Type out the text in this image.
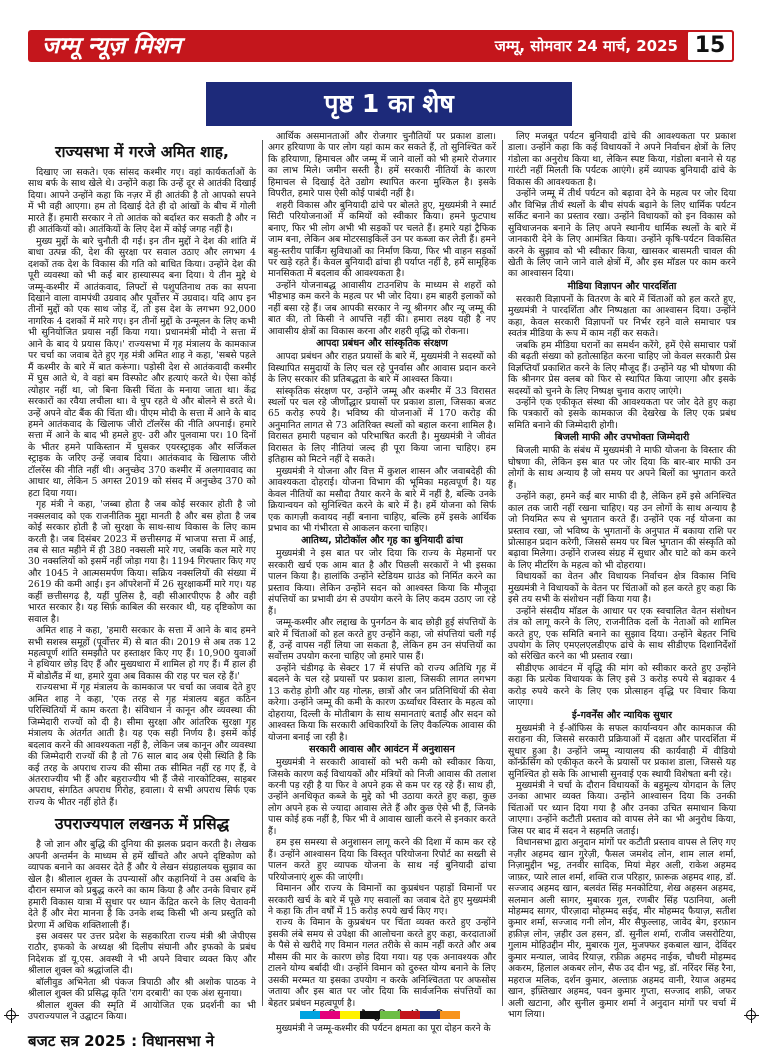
जम्मू न्यूज़ मिशन	जम्मू, सोमवार 24 मार्च, 2025 15
पृष्ठ 1 का शेष
राज्यसभा में गरजे अमित शाह,

दिखाए जा सकते। एक सांसद कश्मीर गए। वहां कार्यकर्ताओं के साथ बर्फ के साथ खेले थे। उन्होंने कहा कि उन्हें दूर से आतंकी दिखाई दिया। आपने उन्होंने कहा कि नज़र में ही आतंकी है तो आपको सपने में भी वही आएगा। हम तो दिखाई देते ही दो आंखों के बीच में गोली मारते हैं। हमारी सरकार ने तो आतंक को बर्दाश्त कर सकती है और न ही आतंकियों को। आतंकियों के लिए देश में कोई जगह नहीं है।

मुख्य मुद्दों के बारे चुनौती दी गई। इन तीन मुद्दों ने देश की शांति में बाधा उत्पन्न की, देश की सुरक्षा पर सवाल उठाए और लगभग 4 दशकों तक देश के विकास की गति को बाधित किया। उन्होंने देश की पूरी व्यवस्था को भी कई बार हास्यास्पद बना दिया। ये तीन मुद्दे थे जम्मू-कश्मीर में आतंकवाद, लिफ्टों से पशुपतिनाथ तक का सपना दिखाने वाला वामपंथी उग्रवाद और पूर्वोत्तर में उग्रवाद। यदि आप इन तीनों मुद्दों को एक साथ जोड़ दें, तो इस देश के लगभग 92,000 नागरिक 4 दशकों में मारे गए। इन तीनों मुद्दों के उन्मूलन के लिए कभी भी सुनियोजित प्रयास नहीं किया गया। प्रधानमंत्री मोदी ने सत्ता में आने के बाद ये प्रयास किए।' राज्यसभा में गृह मंत्रालय के कामकाज पर चर्चा का जवाब देते हुए गृह मंत्री अमित शाह ने कहा, 'सबसे पहले मैं कश्मीर के बारे में बात करूंगा। पड़ोसी देश से आतंकवादी कश्मीर में घुस आते थे, वे वहां बम विस्फोट और हत्याएं करते थे। ऐसा कोई त्योहार नहीं था, जो बिना किसी चिंता के मनाया जाता था। केंद्र सरकारों का रवैया लचीला था। वे चुप रहते थे और बोलने से डरते थे। उन्हें अपने वोट बैंक की चिंता थी। पीएम मोदी के सत्ता में आने के बाद हमने आतंकवाद के खिलाफ जीरो टॉलरेंस की नीति अपनाई। हमारे सत्ता में आने के बाद भी हमले हुए- उरी और पुलवामा पर। 10 दिनों के भीतर हमने पाकिस्तान में घुसकर एयरस्ट्राइक और सर्जिकल स्ट्राइक के जरिए उन्हें जवाब दिया। आतंकवाद के खिलाफ जीरो टॉलरेंस की नीति नहीं थी। अनुच्छेद 370 कश्मीर में अलगाववाद का आधार था, लेकिन 5 अगस्त 2019 को संसद में अनुच्छेद 370 को हटा दिया गया।

गृह मंत्री ने कहा, 'जब्बा होता है जब कोई सरकार होती है जो नक्सलवाद को एक राजनीतिक मुद्दा मानती है और बस होता है जब कोई सरकार होती है जो सुरक्षा के साथ-साथ विकास के लिए काम करती है। जब दिसंबर 2023 में छत्तीसगढ़ में भाजपा सत्ता में आई, तब से सात महीने में ही 380 नक्सली मारे गए, जबकि कल मारे गए 30 नक्सलियों को इसमें नहीं जोड़ा गया है। 1194 गिरफ्तार किए गए और 1045 ने आत्मसमर्पण किया। सक्रिय नक्सलियों की संख्या में 2619 की कमी आई। इन ऑपरेशनों में 26 सुरक्षाकर्मी मारे गए। यह कहीं छत्तीसगढ़ है, यहीं पुलिस है, वही सीआरपीएफ है और वही भारत सरकार है। यह सिर्फ़ काबिल की सरकार थी, यह दृष्टिकोण का सवाल है।

अमित शाह ने कहा, 'हमारी सरकार के सत्ता में आने के बाद हमने सभी सशस्त्र समूहों (पूर्वोत्तर में) से बात की। 2019 से अब तक 12 महत्वपूर्ण शांति समझौते पर हस्ताक्षर किए गए हैं। 10,900 युवाओं ने हथियार छोड़ दिए हैं और मुख्यधारा में शामिल हो गए हैं। मैं हाल ही में बोडोलैंड में था, हमारे युवा अब विकास की राह पर चल रहे हैं।'

राज्यसभा में गृह मंत्रालय के कामकाज पर चर्चा का जवाब देते हुए अमित शाह ने कहा, 'एक तरह से गृह मंत्रालय बहुत कठिन परिस्थितियों में काम करता है। संविधान ने कानून और व्यवस्था की जिम्मेदारी राज्यों को दी है। सीमा सुरक्षा और आंतरिक सुरक्षा गृह मंत्रालय के अंतर्गत आती है। यह एक सही निर्णय है। इसमें कोई बदलाव करने की आवश्यकता नहीं है, लेकिन जब कानून और व्यवस्था की जिम्मेदारी राज्यों की है तो 76 साल बाद अब ऐसी स्थिति है कि कई तरह के अपराध राज्य की सीमा तक सीमित नहीं रह गए हैं, वे अंतरराज्यीय भी हैं और बहुराज्यीय भी हैं जैसे नारकोटिक्स, साइबर अपराध, संगठित अपराध गिरोह, हवाला। ये सभी अपराध सिर्फ एक राज्य के भीतर नहीं होते हैं।

उपराज्यपाल लखनऊ में प्रसिद्ध

है जो ज्ञान और बुद्धि की दुनिया की झलक प्रदान करती है। लेखक अपनी अन्तर्मन के माध्यम से हमें खींचते और अपने दृष्टिकोण को व्यापक बनाने का अवसर देते हैं और ये लेखन संग्रहालयक सुझाव का खेल है। श्रीलाल शुक्ल के उपन्यासों और कहानियों ने उस अबधि के दौरान समाज को प्रबुद्ध करने का काम किया है और उनके विचार हमें हमारी विकास यात्रा में सुधार पर ध्यान केंद्रित करने के लिए चेतावनी देते हैं और मेरा मानना है कि उनके शब्द किसी भी अन्य प्रस्तुति को प्रेरणा में अधिक शक्तिशाली हैं।

इस अवसर पर उत्तर प्रदेश के सहकारिता राज्य मंत्री श्री जेपीएस राठौर, इफको के अध्यक्ष श्री दिलीप संघानी और इफको के प्रबंध निदेशक डॉ यू.एस. अवस्थी ने भी अपने विचार व्यक्त किए और श्रीलाल शुक्ल को श्रद्धांजलि दी।

बॉलीवुड अभिनेता श्री पंकज त्रिपाठी और श्री अशोक पाठक ने श्रीलाल शुक्ल की प्रसिद्ध कृति 'राग दरबारी' का एक अंश सुनाया।

श्रीलाल शुक्ल की स्मृति में आयोजित एक प्रदर्शनी का भी उपराज्यपाल ने उद्घाटन किया।

बजट सत्र 2025 : विधानसभा ने

आर्थिक असमानताओं और रोजगार चुनौतियों पर प्रकाश डाला। अगर हरियाणा के पार लोग यहां काम कर सकते हैं, तो सुनिश्चित करें कि हरियाणा, हिमाचल और जम्मू में जाने वालों को भी हमारे रोजगार का लाभ मिले। जमीन सस्ती है। हमें सरकारी नीतियों के कारण हिमाचल से दिखाई देते उद्योग स्थापित करना मुश्किल है। इसके विपरीत, हमारे पास ऐसी कोई पाबंदी नहीं है।

शहरी विकास और बुनियादी ढांचे पर बोलते हुए, मुख्यमंत्री ने स्मार्ट सिटी परियोजनाओं में कमियों को स्वीकार किया। हमने फुटपाथ बनाए, फिर भी लोग अभी भी सड़कों पर चलते हैं। हमारे यहां ट्रैफिक जाम बना, लेकिन अब मोटरसाइकिलें उन पर कब्जा कर लेती हैं। हमने बहु-स्तरीय पार्किंग सुविधाओं का निर्माण किया, फिर भी वाहन सड़कों पर खड़े रहते हैं। केवल बुनियादी ढांचा ही पर्याप्त नहीं है, हमें सामूहिक मानसिकता में बदलाव की आवश्यकता है।

उन्होंने योजनाबद्ध आवासीय टाउनशिप के माध्यम से शहरों को भीड़भाड़ कम करने के महत्व पर भी जोर दिया। हम बाहरी इलाकों को नहीं बसा रहे हैं। जब आपकी सरकार ने न्यू श्रीनगर और न्यू जम्मू की बात की, तो किसी ने आपत्ति नहीं की। हमारा लक्ष्य यही है नए आवासीय क्षेत्रों का विकास करना और शहरी वृद्धि को रोकना।

आपदा प्रबंधन और सांस्कृतिक संरक्षण

आपदा प्रबंधन और राहत प्रयासों के बारे में, मुख्यमंत्री ने सदस्यों को विस्थापित समुदायों के लिए चल रहे पुनर्वास और आवास प्रदान करने के लिए सरकार की प्रतिबद्धता के बारे में आश्वस्त किया।

सांस्कृतिक संरक्षण पर, उन्होंने जम्मू और कश्मीर में 33 विरासत स्थलों पर चल रहे जीर्णोद्धार प्रयासों पर प्रकाश डाला, जिसका बजट 65 करोड़ रुपये है। भविष्य की योजनाओं में 170 करोड़ की अनुमानित लागत से 73 अतिरिक्त स्थलों को बहाल करना शामिल है। विरासत हमारी पहचान को परिभाषित करती है। मुख्यमंत्री ने जीवंत विरासत के लिए नीतियां जल्द ही पूरा किया जाना चाहिए। हम इतिहास को मिटने नहीं दे सकते।

मुख्यमंत्री ने योजना और वित्त में कुशल शासन और जवाबदेही की आवश्यकता दोहराई। योजना विभाग की भूमिका महत्वपूर्ण है। यह केवल नीतियों का मसौदा तैयार करने के बारे में नहीं है, बल्कि उनके क्रियान्वयन को सुनिश्चित करने के बारे में है। हमें योजना को सिर्फ एक कागज़ी कवायद नहीं बनाना चाहिए, बल्कि हमें इसके आर्थिक प्रभाव का भी गंभीरता से आकलन करना चाहिए।

आतिथ्य, प्रोटोकॉल और गृह का बुनियादी ढांचा

मुख्यमंत्री ने इस बात पर जोर दिया कि राज्य के मेहमानों पर सरकारी खर्च एक आम बात है और पिछली सरकारों ने भी इसका पालन किया है। हालांकि उन्होंने स्टेडियम ग्राउंड को निर्मित करने का प्रस्ताव किया। लेकिन उन्होंने सदन को आश्वस्त किया कि मौजूदा संपत्तियों का प्रभावी ढंग से उपयोग करने के लिए कदम उठाए जा रहे हैं।

जम्मू-कश्मीर और लद्दाख के पुनर्गठन के बाद छोड़ी हुई संपत्तियों के बारे में चिंताओं को हल करते हुए उन्होंने कहा, जो संपत्तियां चली गई हैं, उन्हें वापस नहीं लिया जा सकता है, लेकिन हम उन संपत्तियों का सर्वोत्तम उपयोग करना चाहिए जो हमारे पास हैं।

उन्होंने चंडीगढ़ के सेक्टर 17 में संपत्ति को राज्य अतिथि गृह में बदलने के चल रहे प्रयासों पर प्रकाश डाला, जिसकी लागत लगभग 13 करोड़ होगी और यह गोल्फ़, छात्रों और जन प्रतिनिधियों की सेवा करेगा। उन्होंने जम्मू की कमी के कारण ऊर्ध्वाधर विस्तार के महत्व को दोहराया, दिल्ली के मोतीबाग के साथ समानताएं बताईं और सदन को आश्वस्त किया कि सरकारी अधिकारियों के लिए वैकल्पिक आवास की योजना बनाई जा रही है।

सरकारी आवास और आवंटन में अनुशासन

मुख्यमंत्री ने सरकारी आवासों को भरी कमी को स्वीकार किया, जिसके कारण कई विधायकों और मंत्रियों को निजी आवास की तलाश करनी पड़ रही है या फिर वे अपने हक से कम पर रह रहे हैं। साथ ही, उन्होंने अनधिकृत कब्जे के मुद्दे को भी उठाया करते हुए कहा, कुछ लोग अपने हक से ज्यादा आवास लेते हैं और कुछ ऐसे भी हैं, जिनके पास कोई हक नहीं है, फिर भी वे आवास खाली करने से इनकार करते हैं।

हम इस समस्या से अनुशासन लागू करने की दिशा में काम कर रहे हैं। उन्होंने आश्वासन दिया कि विस्तृत परियोजना रिपोर्ट का सख्ती से पालन करते हुए व्यापक योजना के साथ नई बुनियादी ढांचा परियोजनाएं शुरू की जाएंगी।

विमानन और राज्य के विमानों का कुप्रबंधन पहाड़ों विमानों पर सरकारी खर्च के बारे में पूछे गए सवालों का जवाब देते हुए मुख्यमंत्री ने कहा कि तीन वर्षों में 15 करोड़ रुपये खर्च किए गए।

राज्य के विमान के कुप्रबंधन पर चिंता व्यक्त करते हुए उन्होंने इसकी लंबे समय से उपेक्षा की आलोचना करते हुए कहा, करदाताओं के पैसे से खरीदे गए विमान गलत तरीके से काम नहीं करते और अब मौसम की मार के कारण छोड़ दिया गया। यह एक अनावश्यक और टालने योग्य बर्बादी थी। उन्होंने विमान को दुरुस्त योग्य बनाने के लिए उसकी मरम्मत या इसका उपयोग न करके अनिश्चितता पर अफसोस जताया और इस बात पर जोर दिया कि सार्वजनिक संपत्तियों का बेहतर प्रबंधन महत्वपूर्ण है।

मुख्यमंत्री ने जम्मू-कश्मीर की पर्यटन क्षमता का पूरा दोहन करने के

लिए मजबूत पर्यटन बुनियादी ढांचे की आवश्यकता पर प्रकाश डाला। उन्होंने कहा कि कई विधायकों ने अपने निर्वाचन क्षेत्रों के लिए गंडोला का अनुरोध किया था, लेकिन स्पष्ट किया, गंडोला बनाने से यह गारंटी नहीं मिलती कि पर्यटक आएंगे। हमें व्यापक बुनियादी ढांचे के विकास की आवश्यकता है।

उन्होंने जम्मू में तीर्थ पर्यटन को बढ़ावा देने के महत्व पर जोर दिया और विभिन्न तीर्थ स्थलों के बीच संपर्क बढ़ाने के लिए धार्मिक पर्यटन सर्किट बनाने का प्रस्ताव रखा। उन्होंने विधायकों को इन विकास को सुविधाजनक बनाने के लिए अपने स्थानीय धार्मिक स्थलों के बारे में जानकारी देने के लिए आमंत्रित किया। उन्होंने कृषि-पर्यटन विकसित करने के सुझाव को भी स्वीकार किया, खासकर बासमती चावल की खेती के लिए जाने जाने वाले क्षेत्रों में, और इस मॉडल पर काम करने का आश्वासन दिया।

मीडिया विज्ञापन और पारदर्शिता

सरकारी विज्ञापनों के वितरण के बारे में चिंताओं को हल करते हुए, मुख्यमंत्री ने पारदर्शिता और निष्पक्षता का आश्वासन दिया। उन्होंने कहा, केवल सरकारी विज्ञापनों पर निर्भर रहने वाले समाचार पत्र स्वतंत्र मीडिया के रूप में काम नहीं कर सकते।

जबकि हम मीडिया घरानों का समर्थन करेंगे, हमें ऐसे समाचार पत्रों की बढ़ती संख्या को हतोत्साहित करना चाहिए जो केवल सरकारी प्रेस विज्ञप्तियाँ प्रकाशित करने के लिए मौजूद हैं। उन्होंने यह भी घोषणा की कि श्रीनगर प्रेस क्लब को फिर से स्थापित किया जाएगा और इसके सदस्यों को चुनने के लिए निष्पक्ष चुनाव कराए जाएंगे।

उन्होंने एक एकीकृत संस्था की आवश्यकता पर जोर देते हुए कहा कि पत्रकारों को इसके कामकाज की देखरेख के लिए एक प्रबंध समिति बनाने की जिम्मेदारी होगी।

बिजली माफी और उपभोक्ता जिम्मेदारी

बिजली माफी के संबंध में मुख्यमंत्री ने माफी योजना के विस्तार की घोषणा की, लेकिन इस बात पर जोर दिया कि बार-बार माफी उन लोगों के साथ अन्याय है जो समय पर अपने बिलों का भुगतान करते हैं।

उन्होंने कहा, हमने कई बार माफी दी है, लेकिन हमें इसे अनिश्चित काल तक जारी नहीं रखना चाहिए। यह उन लोगों के साथ अन्याय है जो नियमित रूप से भुगतान करते हैं। उन्होंने एक नई योजना का प्रस्ताव रखा, जो भविष्य के भुगतानों के अनुपात में बकाया राशि पर प्रोत्साहन प्रदान करेगी, जिससे समय पर बिल भुगतान की संस्कृति को बढ़ावा मिलेगा। उन्होंने राजस्व संग्रह में सुधार और घाटे को कम करने के लिए मीटरिंग के महत्व को भी दोहराया।

विधायकों का वेतन और विधायक निर्वाचन क्षेत्र विकास निधि मुख्यमंत्री ने विधायकों के वेतन पर चिंताओं को हल करते हुए कहा कि इसे तय सभी के संशोधन नहीं किया गया है।

उन्होंने संसदीय मॉडल के आधार पर एक स्वचालित वेतन संशोधन तंत्र को लागू करने के लिए, राजनीतिक दलों के नेताओं को शामिल करते हुए, एक समिति बनाने का सुझाव दिया। उन्होंने बेहतर निधि उपयोग के लिए एमएलएलडीएफ ढांचे के साथ सीडीएफ दिशानिर्देशों को संरेखित करने का भी प्रस्ताव रखा।

सीडीएफ आवंटन में वृद्धि की मांग को स्वीकार करते हुए उन्होंने कहा कि प्रत्येक विधायक के लिए इसे 3 करोड़ रुपये से बढ़ाकर 4 करोड़ रुपये करने के लिए एक प्रोत्साहन वृद्धि पर विचार किया जाएगा।

ई-गवर्नेंस और न्यायिक सुधार

मुख्यमंत्री ने ई-ऑफिस के सफल कार्यान्वयन और कामकाज की सराहना की, जिससे सरकारी प्रक्रियाओं में दक्षता और पारदर्शिता में सुधार हुआ है। उन्होंने जम्मू न्यायालय की कार्यवाही में वीडियो कॉन्फ्रेंसिंग को एकीकृत करने के प्रयासों पर प्रकाश डाला, जिससे यह सुनिश्चित हो सके कि आभासी सुनवाई एक स्थायी विशेषता बनी रहे।

मुख्यमंत्री ने चर्चा के दौरान विधायकों के बहुमूल्य योगदान के लिए उनका आभार व्यक्त किया। उन्होंने आश्वासन दिया कि उनकी चिंताओं पर ध्यान दिया गया है और उनका उचित समाधान किया जाएगा। उन्होंने कटौती प्रस्ताव को वापस लेने का भी अनुरोध किया, जिस पर बाद में सदन ने सहमति जताई।

विधानसभा द्वारा अनुदान मांगों पर कटौती प्रस्ताव वापस ले लिए गए नज़ीर अहमद खान गुरेज़ी, फैसल जमशेद लोन, शाम लाल शर्मा, निज़ामुद्दीन भट्ट, तनवीर सादिक, मियां मेहर अली, राकेश अहमद जाफ़र, प्यारे लाल शर्मा, शक्ति राज परिहार, फ़ारूक़ अहमद शाह, डॉ. सज्जाद अहमद खान, बलवंत सिंह मनकोटिया, शेख अहसन अहमद, सलमान अली सागर, मुबारक गुल, रणबीर सिंह पठानिया, अली मोहम्मद सागर, पीरज़ादा मोहम्मद सईद, मीर मोहम्मद फैयाज़, सतीश कुमार शर्मा, सज्जाद गनी लोन, मीर सैफुल्लाह, जावेद बेग, इरफ़ान हफ़ीज़ लोन, ज़हीर उल हसन, डॉ. सुनील शर्मा, राजीव जसरोटिया, गुलाम मोहिउद्दीन मीर, मुबारक गुल, मुजफ्फर इकबाल खान, देविंदर कुमार मन्याल, जावेद रियाज़, रफ़ीक़ अहमद नाईक, चौधरी मोहम्मद अकरम, हिलाल अकबर लोन, सैफ उद दीन भट्ट, डॉ. नरिंदर सिंह रैना, महराज मलिक, दर्शन कुमार, अल्ताफ़ अहमद वानी, रेयाज अहमद खान, इफ़्तिखार अहमद, पवन कुमार गुप्ता, सज्जाद शफ़ी, जफर अली खटाना, और सुनील कुमार शर्मा ने अनुदान मांगों पर चर्चा में भाग लिया।
